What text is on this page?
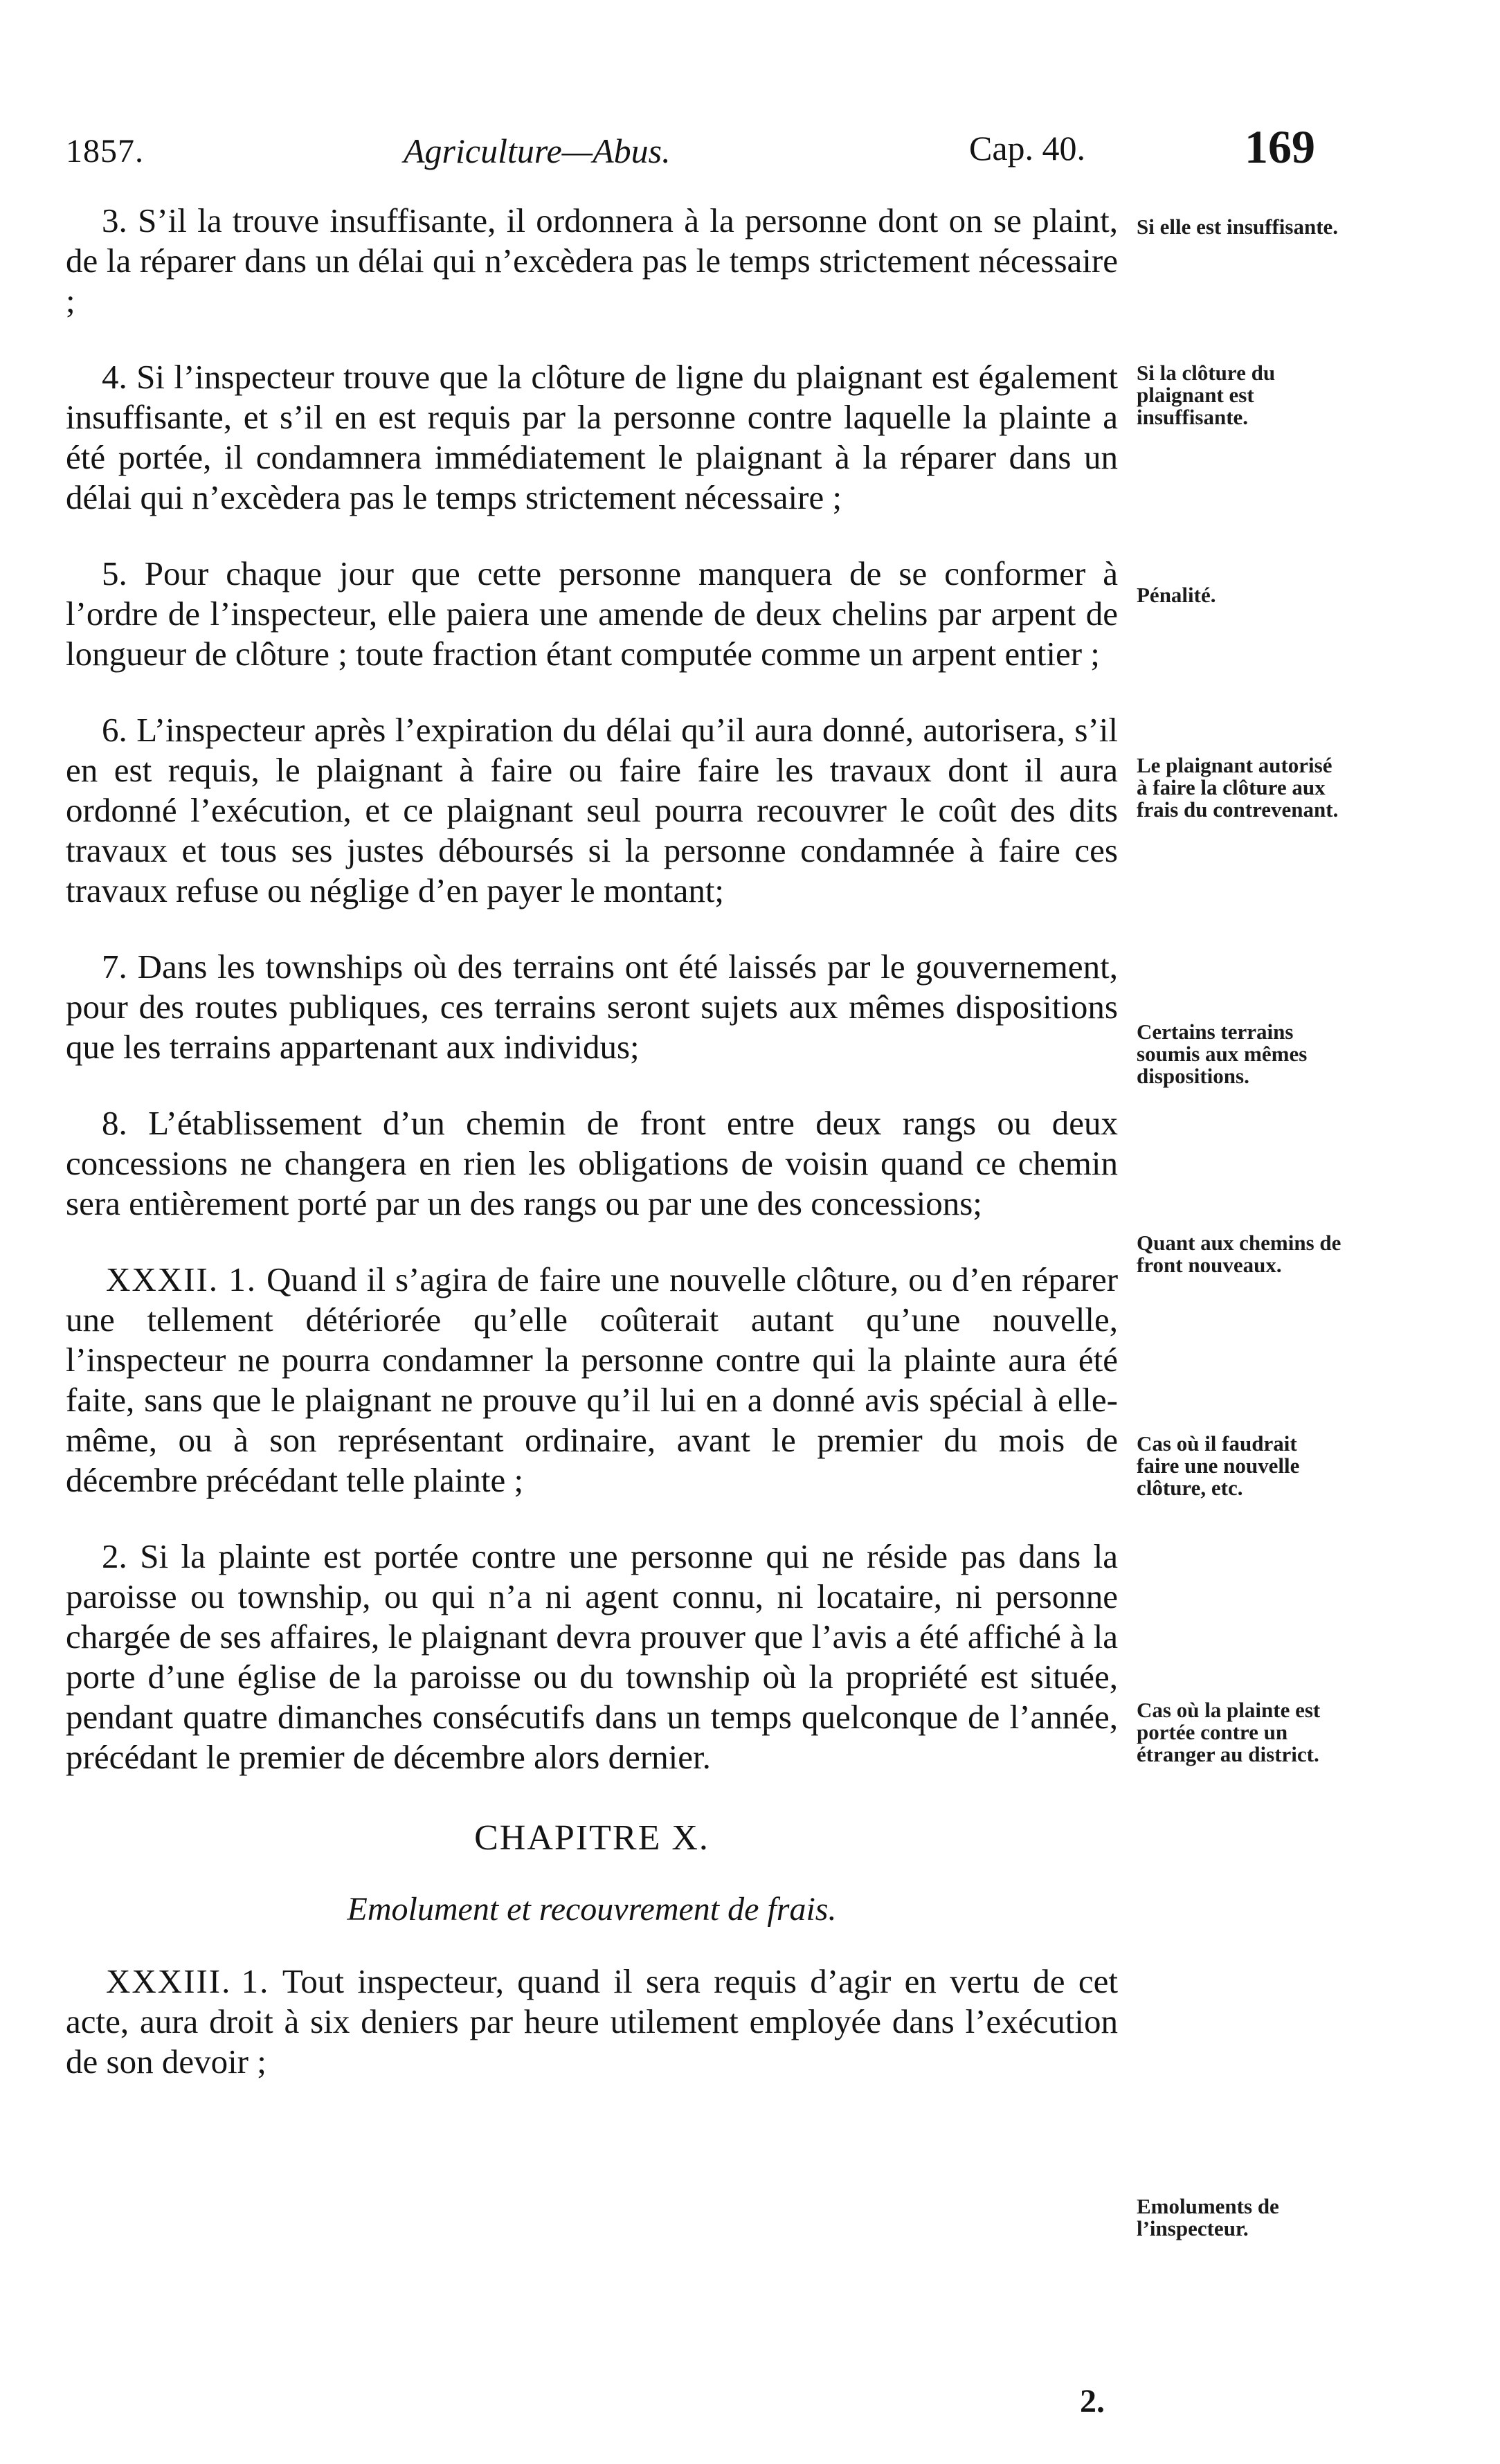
1857.	Agriculture—Abus.	Cap. 40.	169

3. S’il la trouve insuffisante, il ordonnera à la personne dont on se plaint, de la réparer dans un délai qui n’excèdera pas le temps strictement nécessaire ;

4. Si l’inspecteur trouve que la clôture de ligne du plaignant est également insuffisante, et s’il en est requis par la personne contre laquelle la plainte a été portée, il condamnera immédiatement le plaignant à la réparer dans un délai qui n’excèdera pas le temps strictement nécessaire ;

5. Pour chaque jour que cette personne manquera de se conformer à l’ordre de l’inspecteur, elle paiera une amende de deux chelins par arpent de longueur de clôture ; toute fraction étant computée comme un arpent entier ;

6. L’inspecteur après l’expiration du délai qu’il aura donné, autorisera, s’il en est requis, le plaignant à faire ou faire faire les travaux dont il aura ordonné l’exécution, et ce plaignant seul pourra recouvrer le coût des dits travaux et tous ses justes déboursés si la personne condamnée à faire ces travaux refuse ou néglige d’en payer le montant;

7. Dans les townships où des terrains ont été laissés par le gouvernement, pour des routes publiques, ces terrains seront sujets aux mêmes dispositions que les terrains appartenant aux individus;

8. L’établissement d’un chemin de front entre deux rangs ou deux concessions ne changera en rien les obligations de voisin quand ce chemin sera entièrement porté par un des rangs ou par une des concessions;

XXXII. 1. Quand il s’agira de faire une nouvelle clôture, ou d’en réparer une tellement détériorée qu’elle coûterait autant qu’une nouvelle, l’inspecteur ne pourra condamner la personne contre qui la plainte aura été faite, sans que le plaignant ne prouve qu’il lui en a donné avis spécial à elle-même, ou à son représentant ordinaire, avant le premier du mois de décembre précédant telle plainte ;

2. Si la plainte est portée contre une personne qui ne réside pas dans la paroisse ou township, ou qui n’a ni agent connu, ni locataire, ni personne chargée de ses affaires, le plaignant devra prouver que l’avis a été affiché à la porte d’une église de la paroisse ou du township où la propriété est située, pendant quatre dimanches consécutifs dans un temps quelconque de l’année, précédant le premier de décembre alors dernier.

CHAPITRE X.
Emolument et recouvrement de frais.

XXXIII. 1. Tout inspecteur, quand il sera requis d’agir en vertu de cet acte, aura droit à six deniers par heure utilement employée dans l’exécution de son devoir ;

2.
Si elle est insuffisante.
Si la clôture du plaignant est insuffisante.
Pénalité.
Le plaignant autorisé à faire la clôture aux frais du contrevenant.
Certains terrains soumis aux mêmes dispositions.
Quant aux chemins de front nouveaux.
Cas où il faudrait faire une nouvelle clôture, etc.
Cas où la plainte est portée contre un étranger au district.
Emoluments de l’inspecteur.
